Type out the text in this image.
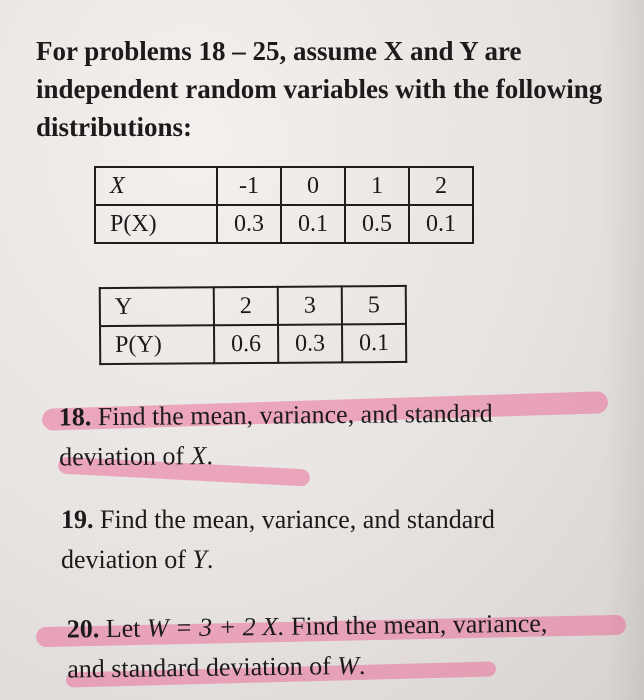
For problems 18 – 25, assume X and Y are independent random variables with the following distributions:
X	-1	0	1	2
P(X)	0.3	0.1	0.5	0.1
Y	2	3	5
P(Y)	0.6	0.3	0.1
18. Find the mean, variance, and standard
deviation of X.
19. Find the mean, variance, and standard
deviation of Y.
20. Let W = 3 + 2 X. Find the mean, variance,
and standard deviation of W.
